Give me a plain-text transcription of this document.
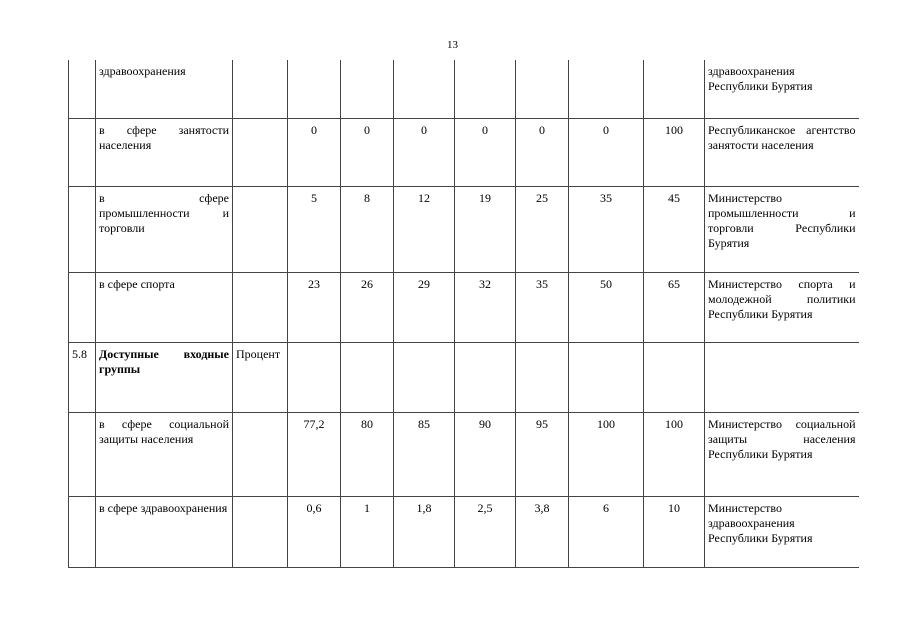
13
	здравоохранения									здравоохранения Республики Бурятия
	в сфере занятости населения		0	0	0	0	0	0	100	Республиканское агентство занятости населения
	в сфере промышленности и торговли		5	8	12	19	25	35	45	Министерство промышленности и торговли Республики Бурятия
	в сфере спорта		23	26	29	32	35	50	65	Министерство спорта и молодежной политики Республики Бурятия
5.8	Доступные входные группы	Процент								
	в сфере социальной защиты населения		77,2	80	85	90	95	100	100	Министерство социальной защиты населения Республики Бурятия
	в сфере здравоохранения		0,6	1	1,8	2,5	3,8	6	10	Министерство здравоохранения Республики Бурятия
